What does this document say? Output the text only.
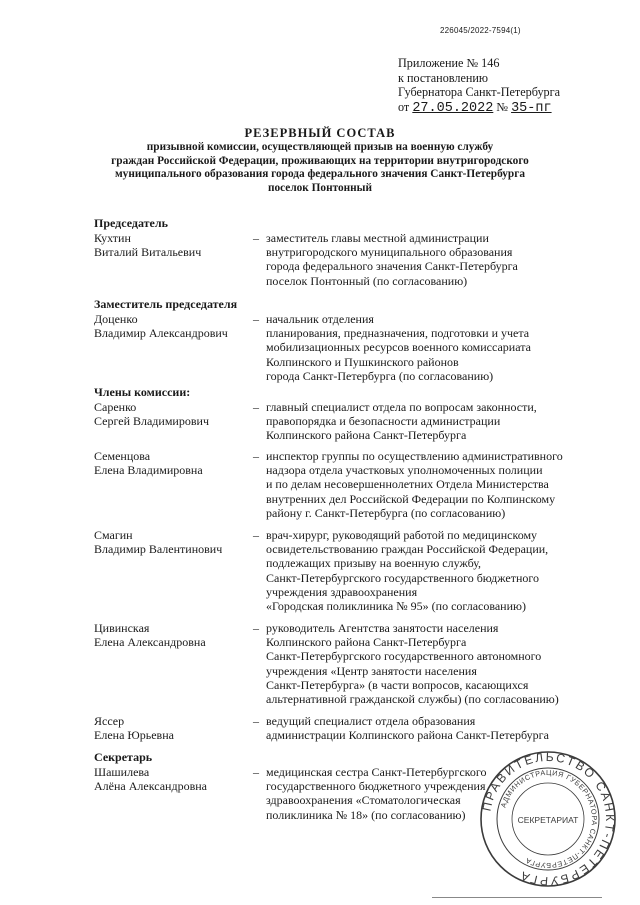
226045/2022-7594(1)
Приложение № 146
к постановлению
Губернатора Санкт-Петербурга
от 27.05.2022 № 35-пг
РЕЗЕРВНЫЙ СОСТАВ
призывной комиссии, осуществляющей призыв на военную службу
граждан Российской Федерации, проживающих на территории внутригородского
муниципального образования города федерального значения Санкт-Петербурга
поселок Понтонный
Председатель
Кухтин
Виталий Витальевич
– заместитель главы местной администрации
внутригородского муниципального образования
города федерального значения Санкт-Петербурга
поселок Понтонный (по согласованию)
Заместитель председателя
Доценко
Владимир Александрович
– начальник отделения
планирования, предназначения, подготовки и учета
мобилизационных ресурсов военного комиссариата
Колпинского и Пушкинского районов
города Санкт-Петербурга (по согласованию)
Члены комиссии:
Саренко
Сергей Владимирович
– главный специалист отдела по вопросам законности,
правопорядка и безопасности администрации
Колпинского района Санкт-Петербурга
Семенцова
Елена Владимировна
– инспектор группы по осуществлению административного
надзора отдела участковых уполномоченных полиции
и по делам несовершеннолетних Отдела Министерства
внутренних дел Российской Федерации по Колпинскому
району г. Санкт-Петербурга (по согласованию)
Смагин
Владимир Валентинович
– врач-хирург, руководящий работой по медицинскому
освидетельствованию граждан Российской Федерации,
подлежащих призыву на военную службу,
Санкт-Петербургского государственного бюджетного
учреждения здравоохранения
«Городская поликлиника № 95» (по согласованию)
Цивинская
Елена Александровна
– руководитель Агентства занятости населения
Колпинского района Санкт-Петербурга
Санкт-Петербургского государственного автономного
учреждения «Центр занятости населения
Санкт-Петербурга» (в части вопросов, касающихся
альтернативной гражданской службы) (по согласованию)
Яссер
Елена Юрьевна
– ведущий специалист отдела образования
администрации Колпинского района Санкт-Петербурга
Секретарь
Шашилева
Алёна Александровна
– медицинская сестра Санкт-Петербургского
государственного бюджетного учреждения
здравоохранения «Стоматологическая
поликлиника № 18» (по согласованию)
ПРАВИТЕЛЬСТВО САНКТ-ПЕТЕРБУРГА
АДМИНИСТРАЦИЯ ГУБЕРНАТОРА САНКТ-ПЕТЕРБУРГА
СЕКРЕТАРИАТ
